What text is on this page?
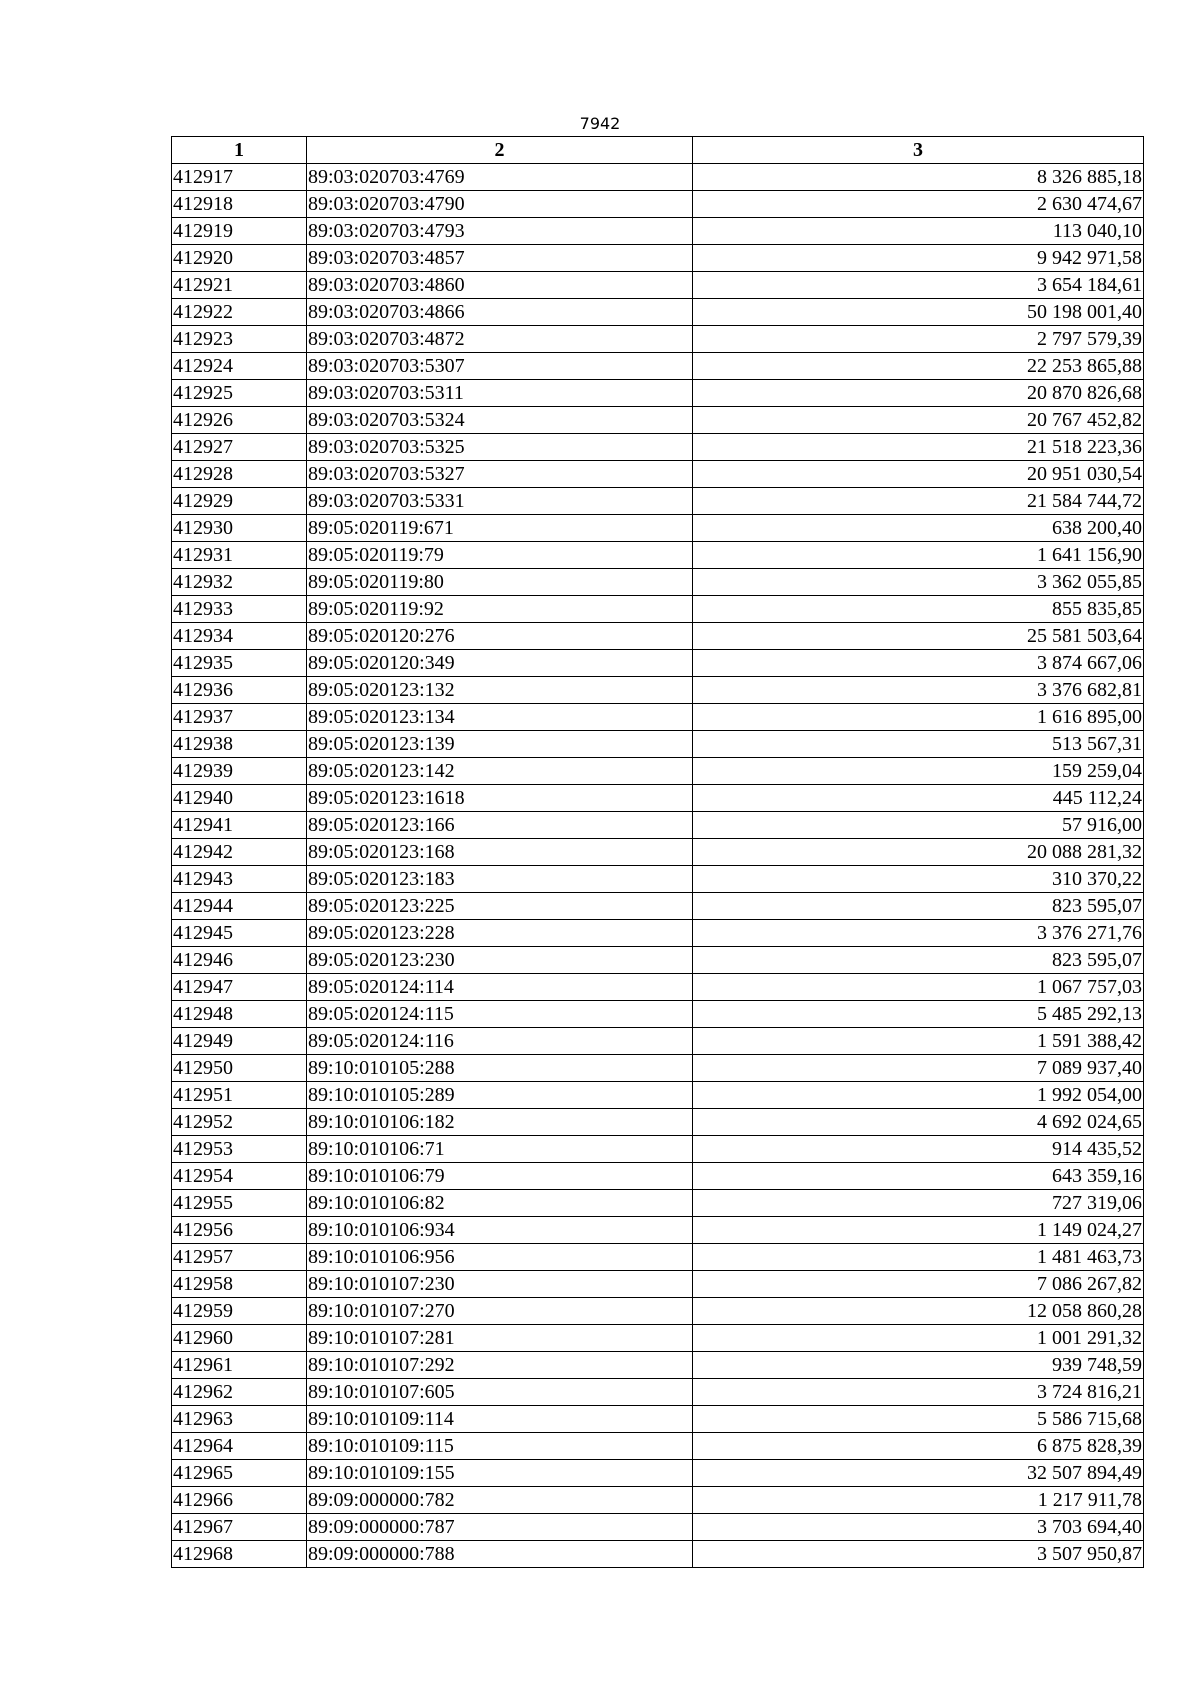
7942
1	2	3
412917	89:03:020703:4769	8 326 885,18
412918	89:03:020703:4790	2 630 474,67
412919	89:03:020703:4793	113 040,10
412920	89:03:020703:4857	9 942 971,58
412921	89:03:020703:4860	3 654 184,61
412922	89:03:020703:4866	50 198 001,40
412923	89:03:020703:4872	2 797 579,39
412924	89:03:020703:5307	22 253 865,88
412925	89:03:020703:5311	20 870 826,68
412926	89:03:020703:5324	20 767 452,82
412927	89:03:020703:5325	21 518 223,36
412928	89:03:020703:5327	20 951 030,54
412929	89:03:020703:5331	21 584 744,72
412930	89:05:020119:671	638 200,40
412931	89:05:020119:79	1 641 156,90
412932	89:05:020119:80	3 362 055,85
412933	89:05:020119:92	855 835,85
412934	89:05:020120:276	25 581 503,64
412935	89:05:020120:349	3 874 667,06
412936	89:05:020123:132	3 376 682,81
412937	89:05:020123:134	1 616 895,00
412938	89:05:020123:139	513 567,31
412939	89:05:020123:142	159 259,04
412940	89:05:020123:1618	445 112,24
412941	89:05:020123:166	57 916,00
412942	89:05:020123:168	20 088 281,32
412943	89:05:020123:183	310 370,22
412944	89:05:020123:225	823 595,07
412945	89:05:020123:228	3 376 271,76
412946	89:05:020123:230	823 595,07
412947	89:05:020124:114	1 067 757,03
412948	89:05:020124:115	5 485 292,13
412949	89:05:020124:116	1 591 388,42
412950	89:10:010105:288	7 089 937,40
412951	89:10:010105:289	1 992 054,00
412952	89:10:010106:182	4 692 024,65
412953	89:10:010106:71	914 435,52
412954	89:10:010106:79	643 359,16
412955	89:10:010106:82	727 319,06
412956	89:10:010106:934	1 149 024,27
412957	89:10:010106:956	1 481 463,73
412958	89:10:010107:230	7 086 267,82
412959	89:10:010107:270	12 058 860,28
412960	89:10:010107:281	1 001 291,32
412961	89:10:010107:292	939 748,59
412962	89:10:010107:605	3 724 816,21
412963	89:10:010109:114	5 586 715,68
412964	89:10:010109:115	6 875 828,39
412965	89:10:010109:155	32 507 894,49
412966	89:09:000000:782	1 217 911,78
412967	89:09:000000:787	3 703 694,40
412968	89:09:000000:788	3 507 950,87
